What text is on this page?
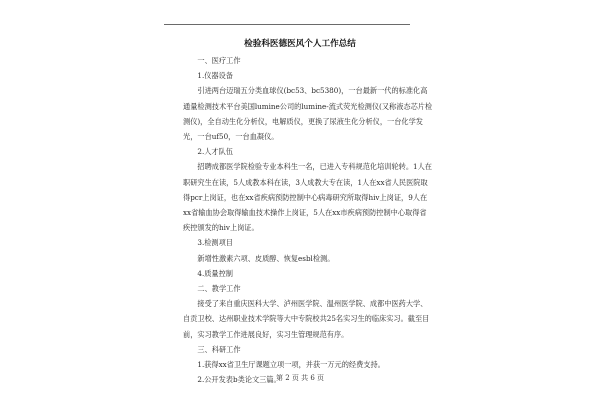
检验科医德医风个人工作总结

一、医疗工作

1.仪器设备

引进两台迈瑞五分类血球仪(bc53、bc5380)，一台最新一代的标准化高通量检测技术平台美国lumine公司的lumine-流式荧光检测仪(又称液态芯片检测仪)，全自动生化分析仪，电解质仪，更换了尿液生化分析仪，一台化学发光，一台uf50，一台血凝仪。

2.人才队伍

招聘成都医学院检验专业本科生一名，已进入专科规范化培训轮转。1人在职研究生在读，5人成教本科在读，3人成教大专在读，1人在xx省人民医院取得pcr上岗证，也在xx省疾病预防控制中心病毒研究所取得hiv上岗证，9人在xx省输血协会取得输血技术操作上岗证，5人在xx市疾病预防控制中心取得省疾控颁发的hiv上岗证。

3.检测项目

新增性激素六项、皮质醇、恢复esbl检测。

4.质量控制

二、教学工作

接受了来自重庆医科大学、泸州医学院、温州医学院、成都中医药大学、自贡卫校、达州职业技术学院等大中专院校共25名实习生的临床实习。截至目前，实习教学工作进展良好，实习生管理规范有序。

三、科研工作

1.获得xx省卫生厅课题立项一项，并获一万元的经费支持。

2.公开发表b类论文三篇。

第 2 页 共 6 页
